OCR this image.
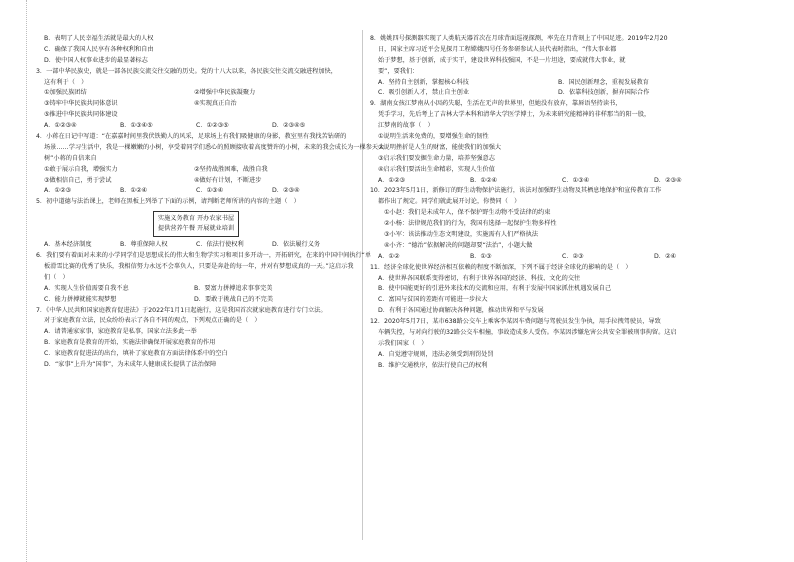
B．表明了人民幸福生活就是最大的人权
C．确保了我国人民享有各种权利和自由
D．使中国人权事业进步的最显著标志
3．一部中华民族史，就是一部各民族交流交往交融的历史。党的十八大以来，各民族交往交流交融进程加快，
这有利于（　）
①加强民族团结	②增强中华民族凝聚力
③铸牢中华民族共同体意识	④实现真正自治
⑤推进中华民族共同体建设
A．①②③④	B．①③④⑤	C．①②③⑤	D．②③④⑤
4．小蒋在日记中写道：“在嘉嘉时间里我伏铁勤人的风采，足球场上有我们吸健康的身影，教室里有我找苦钻研的
场景……学习生活中，我是一棵嫩嫩的小树，享受着同学们悉心的照顾接收着高度赞许的小树，未来的我会成长为一棵参天大
树”小蒋的自信来自
①敢于展示自我，增强实力	②坚持战胜困难，战胜自我
③做相信自己，勇于尝试	④做好有计划，不断进步
A．①②③	B．①②④	C．①③④	D．②③④
5．初中道德与法治课上，老师在黑板上列举了下面的示例，请判断老师所讲的内容的主题（　）
实施义务教育 开办农家书屋
提供营养午餐 开展就业培训
A．基本经济制度	B．尊重保障人权	C．依法行使权利	D．依法履行义务
6．我们要有着面对未来的小学同学们是思想成长的伟大和生物学实习和项目多开动一，开拓研究，在来的中国中间执行“单
板滑雪比赛的优秀了快乐，我相信努力永远不会辜负人，只要是奔赴的每一年，并对有梦想成真的一天。”这启示我
们（　）
A．实现人生价值需要自我不息	B．要富力拼搏追求事事完美
C．能力拼搏就能实现梦想	D．要敢于挑战自己的不完美
7．《中华人民共和国家庭教育促进法》于2022年1月1日起施行，这是我国首次就家庭教育进行专门立法。
对于家庭教育立法，民众纷纷表示了各自不同的观点，下列观点正确的是（　）
A．请普通家家事，家庭教育是私事，国家立法多此一举
B．家庭教育是教育的开始，实施法律确保开展家庭教育的作用
C．家庭教育促进法的出台，填补了家庭教育方面法律体系中的空白
D．“家事”上升为“国事”，为未成年人健康成长提供了法治保障
8．姚姚四号探测器实现了人类航天器首次在月球背面巡视探测，率先在月背刻上了中国足迹。2019年2月20
日，国家主席习近平会见探月工程嫦娥四号任务参研参试人员代表时指出，“伟大事业都
始于梦想，基于创新，成于实干，建设世界科技强国，不是一片坦途，要成就伟大事业，就
要”，要我们：
A．坚持自主创新，掌握核心科技	B．国民创新理念，重视发展教育
C．吸引创新人才，禁止自主创业	D．依靠科技创新，摒弃国际合作
9．湖南女孩江梦南从小因药失聪，生活在无声的世界里，但她没有放弃，靠唇语坚持读书，
凭手学习，先后考上了吉林大学本科和清华大学医学博士，为未来研究能精神的非样那当的阳一股，
江梦南的故事（　）
①说明生活来免费的，要增强生命的韧性
②说明挫折是人生的财富，能使我们的加强大
③启示我们要发掘生命力量，培养坚强意志
④启示我们要活出生命精彩，实现人生价值
A．①②③	B．①②④	C．①③④	D．②③④
10．2023年5月1日，新修订的野生动物保护法施行，该法对加强野生动物及其栖息地保护和宣传教育工作
都作出了规定。同学们就此展开讨论，你赞同（　）
①小赵：我们是未成年人，保不保护野生动物不受法律的约束
②小杨：法律规范我们的行为，我国有选择一起保护生物多样性
③小军：该法推动生态文明建设，实施需有人们严格执法
④小齐：“德治”依据解决的问题却要“法治”，小题大做
A．①②	B．①③	C．②③	D．②④
11．经济全球化使世界经济相互依赖的程度不断加深，下列不属于经济全球化的影响的是（　）
A．使世界各国联系变得密切，有利于世界各国的经济、科技、文化的交往
B．使中国能更好的引进外来技术的交流和应用，有利于发展中国家抓住机遇发展自己
C．富国与贫国的差距有可能进一步拉大
D．有利于各国通过协商解决各种问题，推动世界和平与发展
12．2020年5月7日，某市638路公交车上乘客李某因车费问题与驾驶员发生争执，用手拉拽驾驶员，导致
车辆失控，与对向行驶的32路公交车相撞，事故造成多人受伤。李某因涉嫌危害公共安全罪被刑事拘留。这启
示我们国家（　）
A．自觉遵守规则，违法必须受到刑罚处罚
B．维护交通秩序，依法行使自己的权利
